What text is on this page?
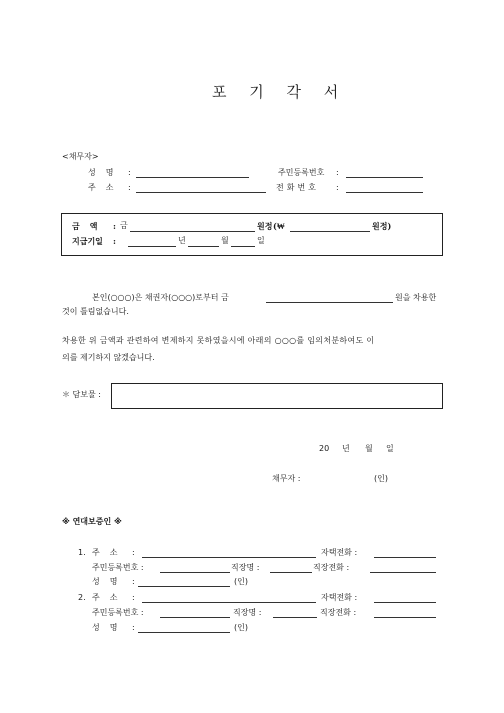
포 기 각 서
<채무자>
성명 :	주민등록번호 :
주소 :	전화번호 :
금액 : 금	원정 (₩	원정)
지급기일 :	년	월	일
본인(○○○)은 채권자(○○○)로부터 금	원을 차용한
것이 틀림없습니다.
차용한 위 금액과 관련하여 변제하지 못하였을시에 아래의 ○○○를 임의처분하여도 이
의를 제기하지 않겠습니다.
＊ 담보물 :
20 년 월 일
채무자 :	(인)
※ 연대보증인 ※
1. 주소 :	자택전화 :
주민등록번호 :	직장명 :	직장전화 :
성명 :	(인)
2. 주소 :	자택전화 :
주민등록번호 :	직장명 :	직장전화 :
성명 :	(인)
